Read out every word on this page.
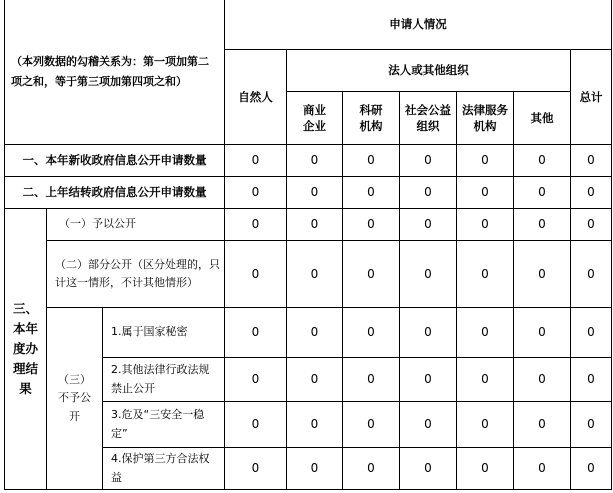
（本列数据的勾稽关系为：第一项加第二项之和，等于第三项加第四项之和）			申请人情况						
			自然人	法人或其他组织					总计
				商业企业	科研机构	社会公益组织	法律服务机构	其他	
一、本年新收政府信息公开申请数量			0	0	0	0	0	0	0
二、上年结转政府信息公开申请数量			0	0	0	0	0	0	0
三、本年度办理结果	（一）予以公开		0	0	0	0	0	0	0
	（二）部分公开（区分处理的，只计这一情形，不计其他情形）		0	0	0	0	0	0	0
	（三）不予公开	1.属于国家秘密	0	0	0	0	0	0	0
		2.其他法律行政法规禁止公开	0	0	0	0	0	0	0
		3.危及“三安全一稳定”	0	0	0	0	0	0	0
		4.保护第三方合法权益	0	0	0	0	0	0	0
